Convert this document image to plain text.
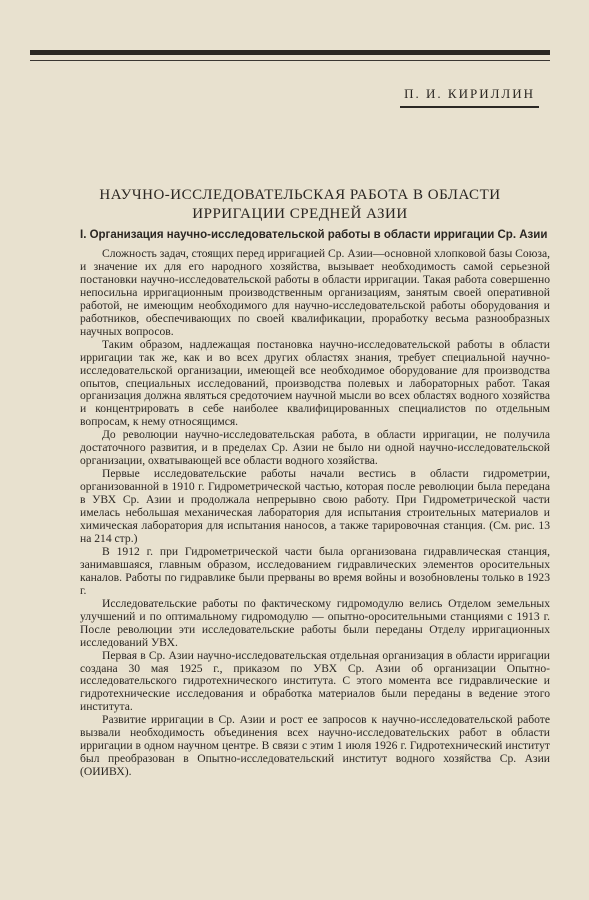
П. И. КИРИЛЛИН
НАУЧНО-ИССЛЕДОВАТЕЛЬСКАЯ РАБОТА В ОБЛАСТИ ИРРИГАЦИИ СРЕДНЕЙ АЗИИ
I. Организация научно-исследовательской работы в области ирригации Ср. Азии

Сложность задач, стоящих перед ирригацией Ср. Азии—основной хлопковой базы Союза, и значение их для его народного хозяйства, вызывает необходимость самой серьезной постановки научно-исследовательской работы в области ирригации. Такая работа совершенно непосильна ирригационным производственным организациям, занятым своей оперативной работой, не имеющим необходимого для научно-исследовательской работы оборудования и работников, обеспечивающих по своей квалификации, проработку весьма разнообразных научных вопросов.

Таким образом, надлежащая постановка научно-исследовательской работы в области ирригации так же, как и во всех других областях знания, требует специальной научно-исследовательской организации, имеющей все необходимое оборудование для производства опытов, специальных исследований, производства полевых и лабораторных работ. Такая организация должна являться средоточием научной мысли во всех областях водного хозяйства и концентрировать в себе наиболее квалифицированных специалистов по отдельным вопросам, к нему относящимся.

До революции научно-исследовательская работа, в области ирригации, не получила достаточного развития, и в пределах Ср. Азии не было ни одной научно-исследовательской организации, охватывающей все области водного хозяйства.

Первые исследовательские работы начали вестись в области гидрометрии, организованной в 1910 г. Гидрометрической частью, которая после революции была передана в УВХ Ср. Азии и продолжала непрерывно свою работу. При Гидрометрической части имелась небольшая механическая лаборатория для испытания строительных материалов и химическая лаборатория для испытания наносов, а также тарировочная станция. (См. рис. 13 на 214 стр.)

В 1912 г. при Гидрометрической части была организована гидравлическая станция, занимавшаяся, главным образом, исследованием гидравлических элементов оросительных каналов. Работы по гидравлике были прерваны во время войны и возобновлены только в 1923 г.

Исследовательские работы по фактическому гидромодулю велись Отделом земельных улучшений и по оптимальному гидромодулю — опытно-оросительными станциями с 1913 г. После революции эти исследовательские работы были переданы Отделу ирригационных исследований УВХ.

Первая в Ср. Азии научно-исследовательская отдельная организация в области ирригации создана 30 мая 1925 г., приказом по УВХ Ср. Азии об организации Опытно-исследовательского гидротехнического института. С этого момента все гидравлические и гидротехнические исследования и обработка материалов были переданы в ведение этого института.

Развитие ирригации в Ср. Азии и рост ее запросов к научно-исследовательской работе вызвали необходимость объединения всех научно-исследовательских работ в области ирригации в одном научном центре. В связи с этим 1 июля 1926 г. Гидротехнический институт был преобразован в Опытно-исследовательский институт водного хозяйства Ср. Азии (ОИИВХ).
